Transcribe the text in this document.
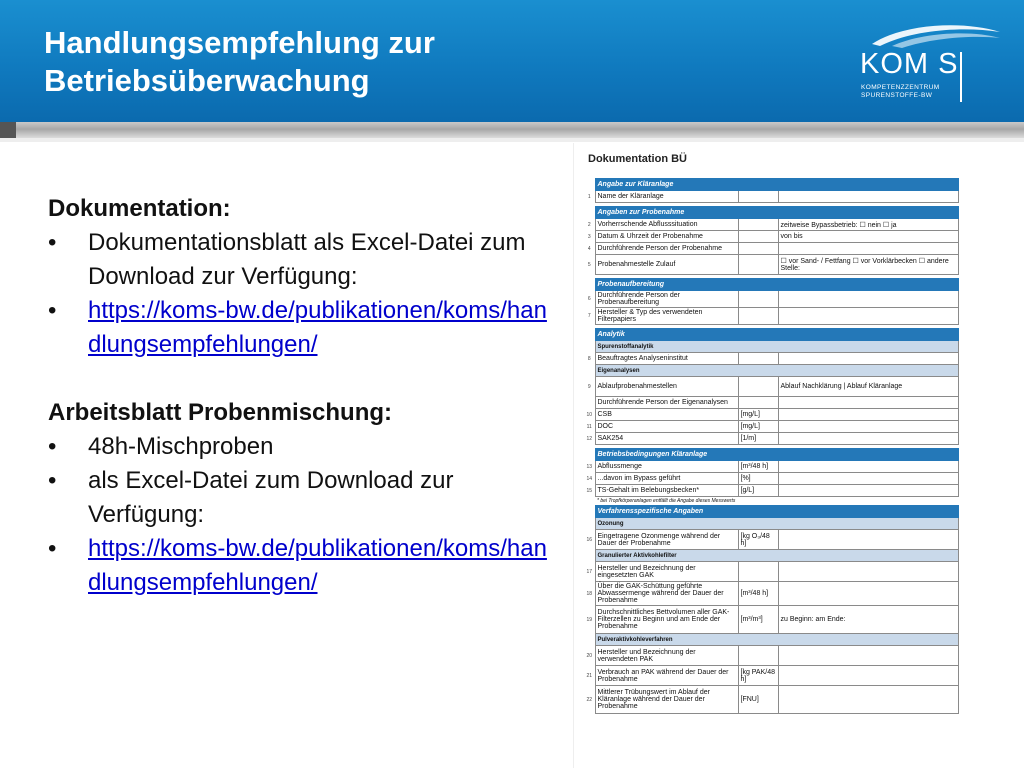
Handlungsempfehlung zur
Betriebsüberwachung	KOM S
KOMPETENZZENTRUM
SPURENSTOFFE-BW
Dokumentation:
• Dokumentationsblatt als Excel-Datei zum Download zur Verfügung:
• https://koms-bw.de/publikationen/koms/handlungsempfehlungen/
Arbeitsblatt Probenmischung:
• 48h-Mischproben
• als Excel-Datei zum Download zur Verfügung:
• https://koms-bw.de/publikationen/koms/handlungsempfehlungen/
Dokumentation BÜ
	Angabe zur Kläranlage		
1	Name der Kläranlage		

	Angaben zur Probenahme		
2	Vorherrschende Abflusssituation		zeitweise Bypassbetrieb: ☐ nein ☐ ja
3	Datum & Uhrzeit der Probenahme		von bis
4	Durchführende Person der Probenahme		
5	Probenahmestelle Zulauf		☐ vor Sand- / Fettfang ☐ vor Vorklärbecken ☐ andere Stelle:

	Probenaufbereitung		
6	Durchführende Person der Probenaufbereitung		
7	Hersteller & Typ des verwendeten Filterpapiers		

	Analytik		
	Spurenstoffanalytik		
8	Beauftragtes Analyseninstitut		
	Eigenanalysen		
9	Ablaufprobenahmestellen		Ablauf Nachklärung | Ablauf Kläranlage
	Durchführende Person der Eigenanalysen		
10	CSB	[mg/L]	
11	DOC	[mg/L]	
12	SAK254	[1/m]	

	Betriebsbedingungen Kläranlage		
13	Abflussmenge	[m³/48 h]	
14	...davon im Bypass geführt	[%]	
15	TS-Gehalt im Belebungsbecken*	[g/L]	
	* bei Tropfkörperanlagen entfällt die Angabe dieses Messwerts		
	Verfahrensspezifische Angaben		
	Ozonung		
16	Eingetragene Ozonmenge während der Dauer der Probenahme	[kg O₃/48 h]	
	Granulierter Aktivkohlefilter		
17	Hersteller und Bezeichnung der eingesetzten GAK		
18	Über die GAK-Schüttung geführte Abwassermenge während der Dauer der Probenahme	[m³/48 h]	
19	Durchschnittliches Bettvolumen aller GAK-Filterzellen zu Beginn und am Ende der Probenahme	[m³/m³]	zu Beginn: am Ende:
	Pulveraktivkohleverfahren		
20	Hersteller und Bezeichnung der verwendeten PAK		
21	Verbrauch an PAK während der Dauer der Probenahme	[kg PAK/48 h]	
22	Mittlerer Trübungswert im Ablauf der Kläranlage während der Dauer der Probenahme	[FNU]	
